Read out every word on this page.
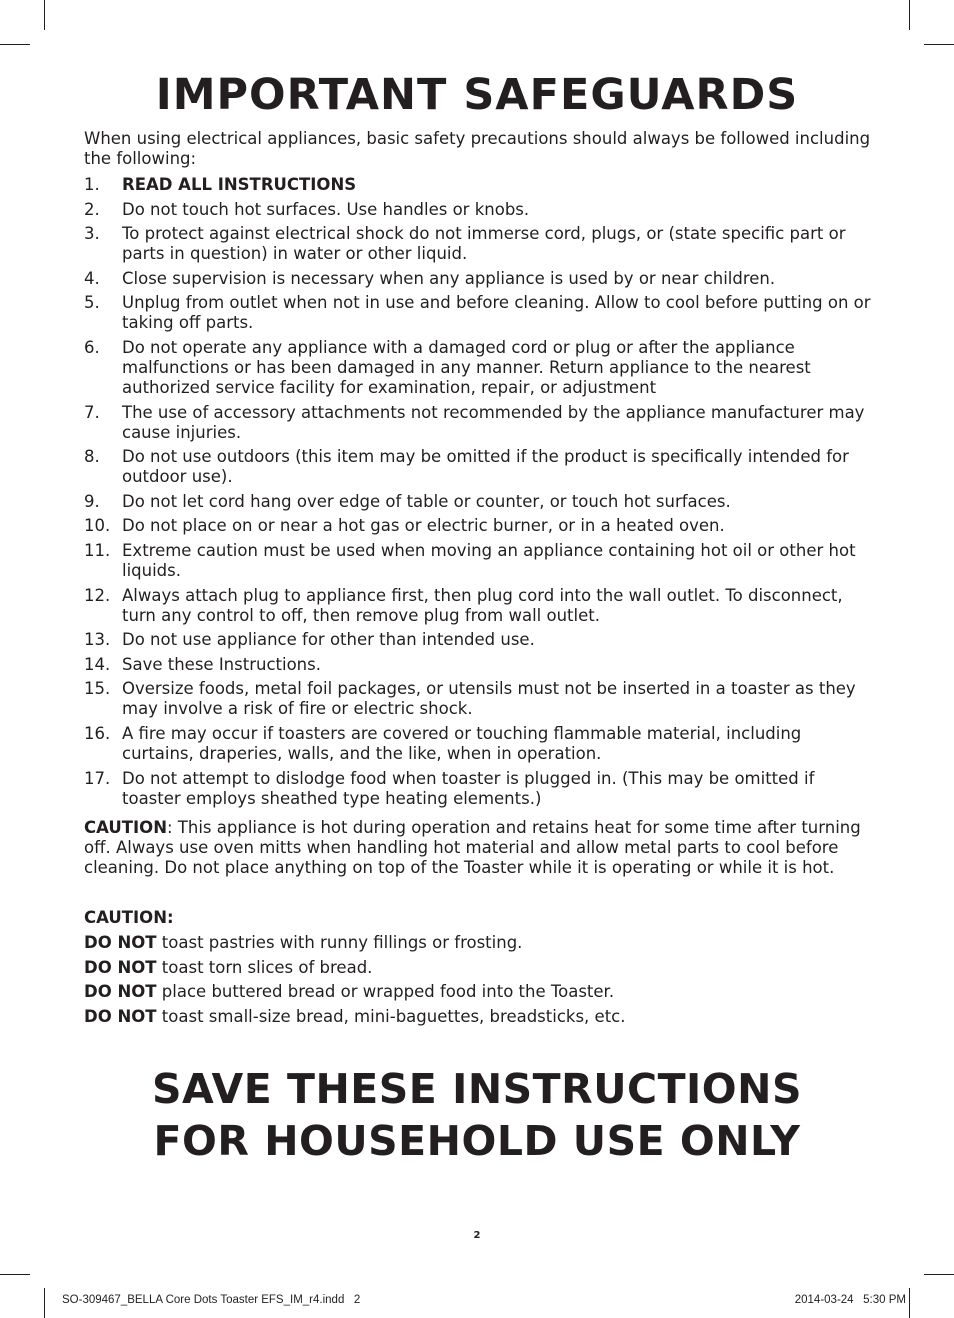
IMPORTANT SAFEGUARDS
When using electrical appliances, basic safety precautions should always be followed including the following:
1.	READ ALL INSTRUCTIONS
2.	Do not touch hot surfaces. Use handles or knobs.
3.	To protect against electrical shock do not immerse cord, plugs, or (state specific part or parts in question) in water or other liquid.
4.	Close supervision is necessary when any appliance is used by or near children.
5.	Unplug from outlet when not in use and before cleaning. Allow to cool before putting on or taking off parts.
6.	Do not operate any appliance with a damaged cord or plug or after the appliance malfunctions or has been damaged in any manner. Return appliance to the nearest authorized service facility for examination, repair, or adjustment
7.	The use of accessory attachments not recommended by the appliance manufacturer may cause injuries.
8.	Do not use outdoors (this item may be omitted if the product is specifically intended for outdoor use).
9.	Do not let cord hang over edge of table or counter, or touch hot surfaces.
10. Do not place on or near a hot gas or electric burner, or in a heated oven.
11. Extreme caution must be used when moving an appliance containing hot oil or other hot liquids.
12. Always attach plug to appliance first, then plug cord into the wall outlet. To disconnect, turn any control to off, then remove plug from wall outlet.
13. Do not use appliance for other than intended use.
14. Save these Instructions.
15. Oversize foods, metal foil packages, or utensils must not be inserted in a toaster as they may involve a risk of fire or electric shock.
16. A fire may occur if toasters are covered or touching flammable material, including curtains, draperies, walls, and the like, when in operation.
17. Do not attempt to dislodge food when toaster is plugged in. (This may be omitted if toaster employs sheathed type heating elements.)

CAUTION: This appliance is hot during operation and retains heat for some time after turning off. Always use oven mitts when handling hot material and allow metal parts to cool before cleaning. Do not place anything on top of the Toaster while it is operating or while it is hot.

CAUTION:
DO NOT toast pastries with runny fillings or frosting.
DO NOT toast torn slices of bread.
DO NOT place buttered bread or wrapped food into the Toaster.
DO NOT toast small-size bread, mini-baguettes, breadsticks, etc.
SAVE THESE INSTRUCTIONS
FOR HOUSEHOLD USE ONLY
2
SO-309467_BELLA Core Dots Toaster EFS_IM_r4.indd   2	2014-03-24   5:30 PM
